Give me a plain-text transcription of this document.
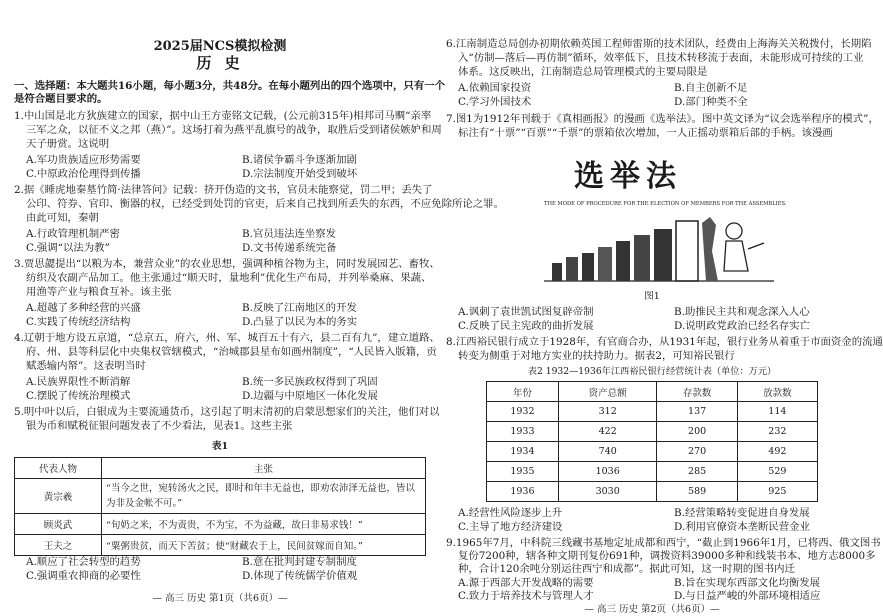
2025届NCS模拟检测
历 史
一、选择题：本大题共16小题，每小题3分，共48分。在每小题列出的四个选项中，只有一个
是符合题目要求的。
1.中山国是北方狄族建立的国家，据中山王方壶铭文记载，(公元前315年)相邦司马赒“亲率
三军之众，以征不义之邦（燕）”。这场打着为燕平乱旗号的战争，取胜后受到诸侯嫉妒和周
天子册赏。这说明
A.军功贵族适应形势需要	B.诸侯争霸斗争逐渐加剧
C.中原政治伦理得到传播	D.宗法制度开始受到破坏
2.据《睡虎地秦墓竹简·法律答问》记载：挤开伪造的文书，官员未能察觉，罚二甲；丢失了
公印、符券、官印、衡器的权，已经受到处罚的官吏，后来自己找到所丢失的东西，不应免除所论之罪。
由此可知，秦朝
A.行政管理机制严密	B.官员违法连坐察发
C.强调“以法为教”	D.文书传递系统完备
3.贾思勰提出“以粮为本，兼营众业”的农业思想，强调种植谷物为主，同时发展园艺、畜牧、
纺织及农副产品加工。他主张通过“顺天时，量地利”优化生产布局，并列举桑麻、果蔬、
用渔等产业与粮食互补。该主张
A.超越了多种经营的兴盛	B.反映了江南地区的开发
C.实践了传统经济结构	D.凸显了以民为本的务实
4.辽朝于地方设五京道，“总京五，府六，州、军、城百五十有六，县二百有九”，建立道路、
府、州、县等科层化中央集权管辖模式，“治城郡县星布如画州制度”，“人民皆入版籍，贡
赋悉输内帑”。这表明当时
A.民族界限性不断消解	B.统一多民族政权得到了巩固
C.摆脱了传统治理模式	D.边疆与中原地区一体化发展
5.明中叶以后，白银成为主要流通货币，这引起了明末清初的启蒙思想家们的关注，他们对以
银为币和赋税征银问题发表了不少看法，见表1。这些主张
表1
代表人物	主张
黄宗羲	“当今之世，宛转汤火之民，即时和年丰无益也，即劝农沛泽无益也，皆以
为非及金帐不可。”

顾炎武	“旬奶之米，不为责贵，不为宝，不为益藏，故曰非易求钱！”
王夫之	“粟粥贵贫，而天下苦贫；使“财藏农于上，民间贫嫁而自知。”
A.顺应了社会转型的趋势	B.意在批判封建专制制度
C.强调重农抑商的必要性	D.体现了传统儒学价值观
— 高三 历史 第1页（共6页）—
6.江南制造总局创办初期依赖英国工程师雷斯的技术团队，经费由上海海关关税拨付，长期陷
入“仿制—落后—再仿制”循环，效率低下，且技术转移流于表面，未能形成可持续的工业
体系。这反映出，江南制造总局管理模式的主要局限是
A.依赖国家投资	B.自主创新不足
C.学习外国技术	D.部门种类不全
7.图1为1912年刊载于《真相画报》的漫画《选举法》。图中英文译为“议会选举程序的模式”，
标注有“十票”“百票”“千票”的票箱依次增加，一人正摇动票箱后部的手柄。该漫画
选举法
THE MODE OF PROCEDURE FOR THE ELECTION OF MEMBERS FOR THE ASSEMBLIES.
图1
A.讽刺了袁世凯试图复辟帝制	B.助推民主共和观念深入人心
C.反映了民主宪政的曲折发展	D.说明政党政治已经名存实亡
8.江西裕民银行成立于1928年，有官商合办，从1931年起，银行业务从着重于市面资金的流通
转变为侧重于对地方实业的扶持助力。据表2，可知裕民银行
表2 1932—1936年江西裕民银行经营统计表（单位：万元）
年份	资产总额	存款数	放款数
1932	312	137	114
1933	422	200	232
1934	740	270	492
1935	1036	285	529
1936	3030	589	925
A.经营性风险逐步上升	B.经营策略转变促进自身发展
C.主导了地方经济建设	D.利用官僚资本垄断民营金业
9.1965年7月，中科院三线藏书基地定址成都和西宁，“截止到1966年1月，已将西、俄文图书
复份7200种，辖各种文期刊复份691种，调拨资料39000多种和线装书本、地方志8000多
种，合计120余吨分别运往西宁和成都”。据此可知，这一时期的图书内迁
A.源于西部大开发战略的需要	B.旨在实现东西部文化均衡发展
C.致力于培养技术与管理人才	D.与日益严峻的外部环境相适应
— 高三 历史 第2页（共6页）—
